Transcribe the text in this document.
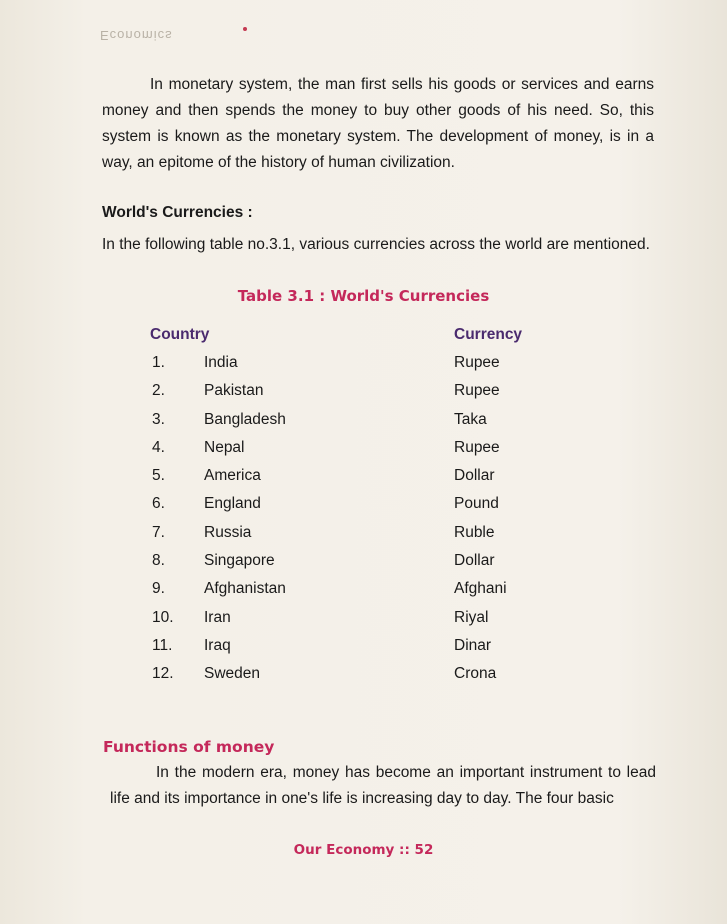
Economics

In monetary system, the man first sells his goods or services and earns money and then spends the money to buy other goods of his need. So, this system is known as the monetary system. The development of money, is in a way, an epitome of the history of human civilization.

World's Currencies :

In the following table no.3.1, various currencies across the world are mentioned.

Table 3.1 : World's Currencies
Country	Currency
1.	India	Rupee
2.	Pakistan	Rupee
3.	Bangladesh	Taka
4.	Nepal	Rupee
5.	America	Dollar
6.	England	Pound
7.	Russia	Ruble
8.	Singapore	Dollar
9.	Afghanistan	Afghani
10. Iran	Riyal
11. Iraq	Dinar
12. Sweden	Crona
Functions of money

In the modern era, money has become an important instrument to lead life and its importance in one's life is increasing day to day. The four basic

Our Economy :: 52
